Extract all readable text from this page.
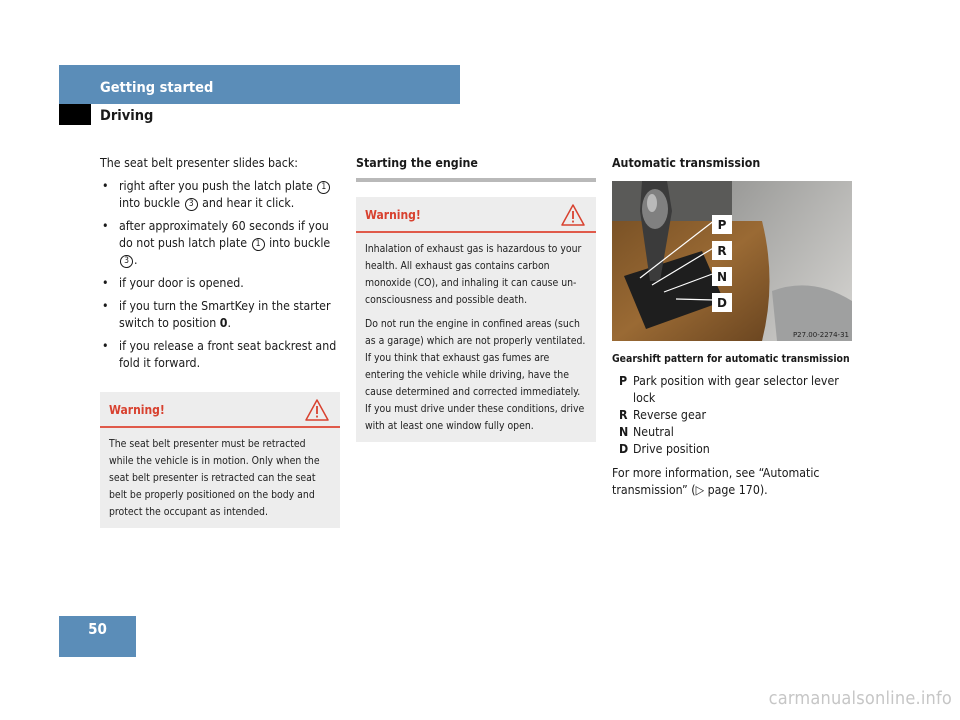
Getting started
Driving

The seat belt presenter slides back:

• right after you push the latch plate 1 into buckle 3 and hear it click.
• after approximately 60 seconds if you do not push latch plate 1 into buckle 3 .
• if your door is opened.
• if you turn the SmartKey in the starter switch to position 0.
• if you release a front seat backrest and fold it forward.
Warning!

The seat belt presenter must be retracted while the vehicle is in motion. Only when the seat belt presenter is retracted can the seat belt be properly positioned on the body and protect the occupant as intended.

Starting the engine
Warning!

Inhalation of exhaust gas is hazardous to your health. All exhaust gas contains carbon monoxide (CO), and inhaling it can cause un-consciousness and possible death.

Do not run the engine in confined areas (such as a garage) which are not properly ventilated. If you think that exhaust gas fumes are entering the vehicle while driving, have the cause determined and corrected immediately. If you must drive under these conditions, drive with at least one window fully open.

Automatic transmission
P
R
N
D
P27.00-2274-31
Gearshift pattern for automatic transmission
P Park position with gear selector lever lock
R Reverse gear
N Neutral
D Drive position

For more information, see “Automatic transmission” (▷ page 170).

50
carmanualsonline.info
